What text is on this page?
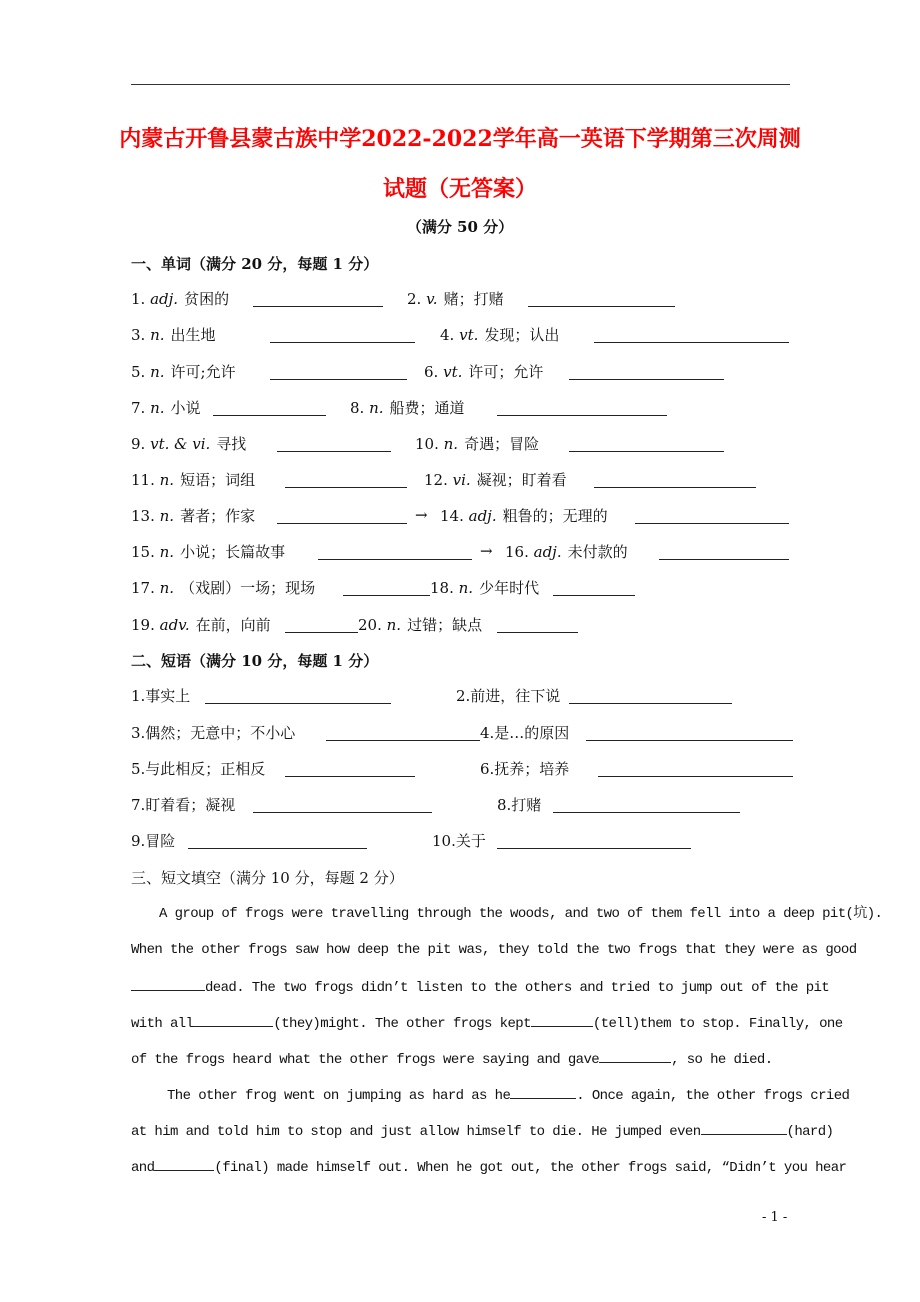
内蒙古开鲁县蒙古族中学2022-2022学年高一英语下学期第三次周测
试题（无答案）
（满分 50 分）
一、单词（满分 20 分，每题 1 分）
1. adj. 贫困的	2. v. 赌；打赌
3. n. 出生地	4. vt. 发现；认出
5. n. 许可;允许	6. vt. 许可；允许
7. n. 小说	8. n. 船费；通道
9. vt. & vi. 寻找	10. n. 奇遇；冒险
11. n. 短语；词组	12. vi. 凝视；盯着看
13. n. 著者；作家	14. adj. 粗鲁的；无理的
15. n. 小说；长篇故事	16. adj. 未付款的
17. n. （戏剧）一场；现场	18. n. 少年时代
19. adv. 在前，向前	20. n. 过错；缺点
→
→
二、短语（满分 10 分，每题 1 分）
1.事实上	2.前进，往下说
3.偶然；无意中；不小心	4.是…的原因
5.与此相反；正相反	6.抚养；培养
7.盯着看；凝视	8.打赌
9.冒险	10.关于
三、短文填空（满分 10 分，每题 2 分）
A group of frogs were travelling through the woods, and two of them fell into a deep pit(坑).
When the other frogs saw how deep the pit was, they told the two frogs that they were as good
dead. The two frogs didn’t listen to the others and tried to jump out of the pit
with all	(they)might. The other frogs kept	(tell)them to stop. Finally, one
of the frogs heard what the other frogs were saying and gave	, so he died.
The other frog went on jumping as hard as he	. Once again, the other frogs cried
at him and told him to stop and just allow himself to die. He jumped even	(hard)
and	(final) made himself out. When he got out, the other frogs said, “Didn’t you hear
- 1 -
